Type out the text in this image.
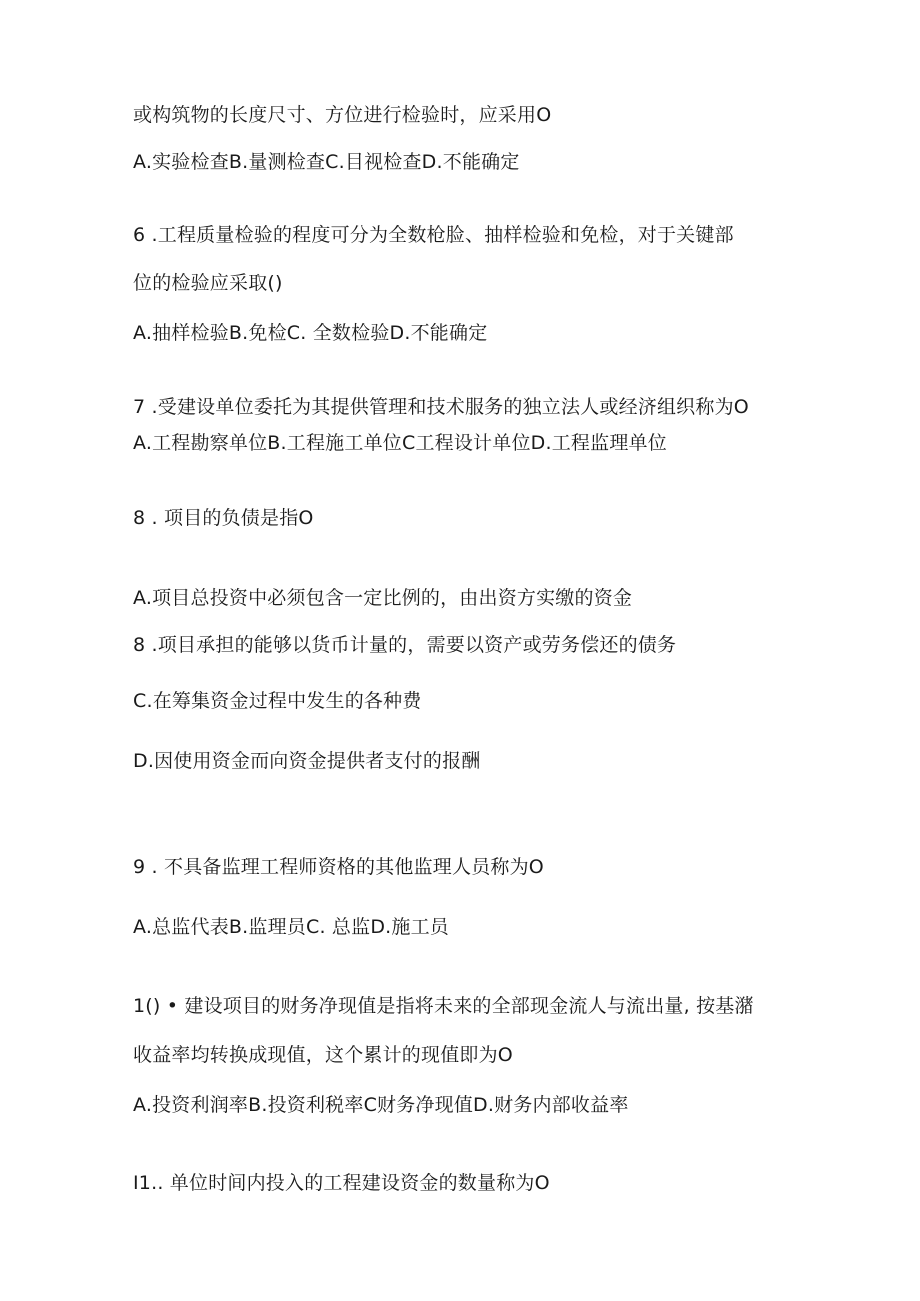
或构筑物的长度尺寸、方位进行检验时，应采用O
A.实验检查B.量测检查C.目视检查D.不能确定
6 .工程质量检验的程度可分为全数枪脸、抽样检验和免检，对于关键部
位的检验应采取()
A.抽样检验B.免检C. 全数检验D.不能确定
7 .受建设单位委托为其提供管理和技术服务的独立法人或经济组织称为O
A.工程勘察单位B.工程施工单位C工程设计单位D.工程监理单位
8 . 项目的负债是指O
A.项目总投资中必须包含一定比例的，由出资方实缴的资金
8 .项目承担的能够以货币计量的，需要以资产或劳务偿还的债务
C.在筹集资金过程中发生的各种费
D.因使用资金而向资金提供者支付的报酬
9 . 不具备监理工程师资格的其他监理人员称为O
A.总监代表B.监理员C. 总监D.施工员
1() • 建设项目的财务净现值是指将未来的全部现金流人与流出量, 按基潴
收益率均转换成现值，这个累计的现值即为O
A.投资利润率B.投资利税率C财务净现值D.财务内部收益率
I1.. 单位时间内投入的工程建设资金的数量称为O
